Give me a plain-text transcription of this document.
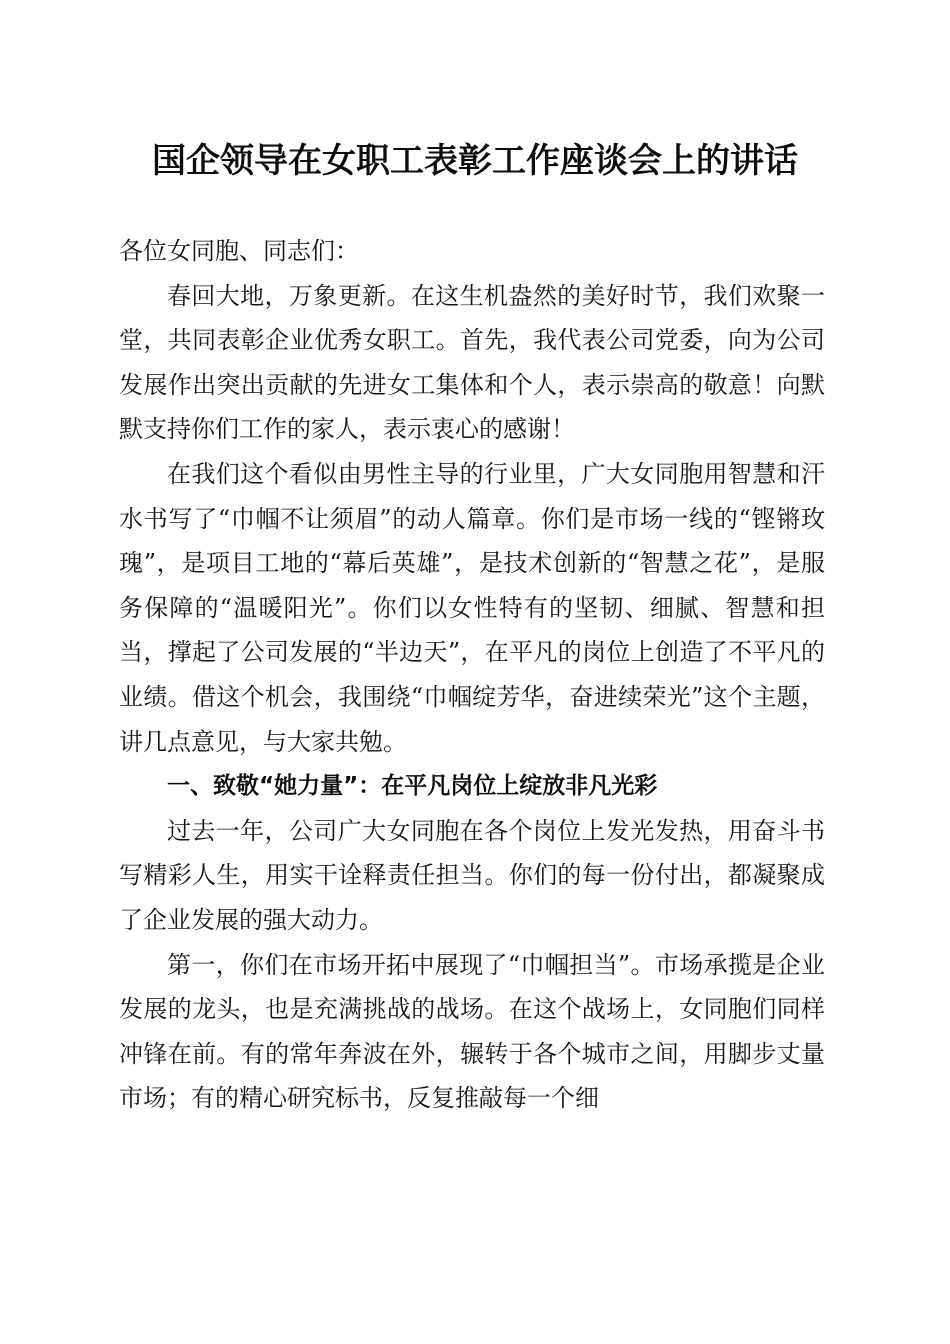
国企领导在女职工表彰工作座谈会上的讲话

各位女同胞、同志们：

春回大地，万象更新。在这生机盎然的美好时节，我们欢聚一堂，共同表彰企业优秀女职工。首先，我代表公司党委，向为公司发展作出突出贡献的先进女工集体和个人，表示崇高的敬意！向默默支持你们工作的家人，表示衷心的感谢！

在我们这个看似由男性主导的行业里，广大女同胞用智慧和汗水书写了“巾帼不让须眉”的动人篇章。你们是市场一线的“铿锵玫瑰”，是项目工地的“幕后英雄”，是技术创新的“智慧之花”，是服务保障的“温暖阳光”。你们以女性特有的坚韧、细腻、智慧和担当，撑起了公司发展的“半边天”，在平凡的岗位上创造了不平凡的业绩。借这个机会，我围绕“巾帼绽芳华，奋进续荣光”这个主题，讲几点意见，与大家共勉。

一、致敬“她力量”：在平凡岗位上绽放非凡光彩

过去一年，公司广大女同胞在各个岗位上发光发热，用奋斗书写精彩人生，用实干诠释责任担当。你们的每一份付出，都凝聚成了企业发展的强大动力。

第一，你们在市场开拓中展现了“巾帼担当”。市场承揽是企业发展的龙头，也是充满挑战的战场。在这个战场上，女同胞们同样冲锋在前。有的常年奔波在外，辗转于各个城市之间，用脚步丈量市场；有的精心研究标书，反复推敲每一个细
